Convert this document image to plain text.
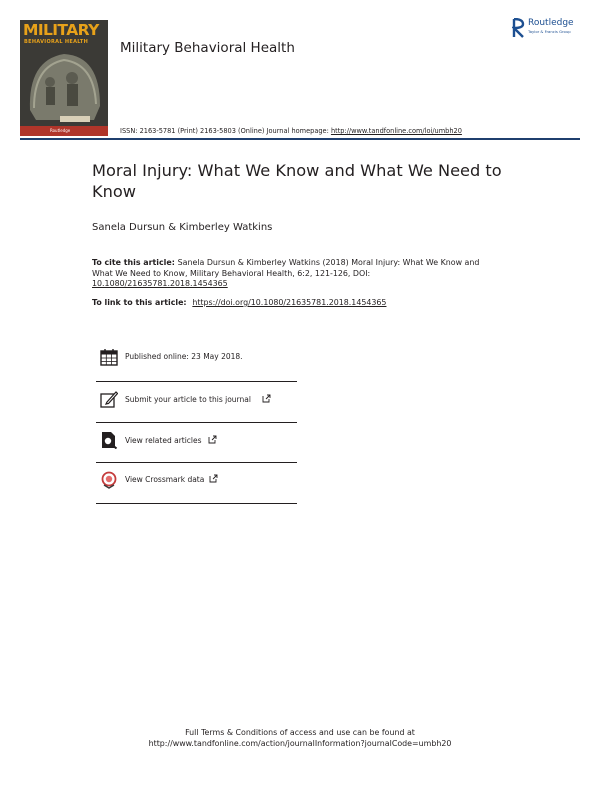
MILITARY
BEHAVIORAL HEALTH
Routledge
Military Behavioral Health
Routledge
Taylor & Francis Group
ISSN: 2163-5781 (Print) 2163-5803 (Online) Journal homepage: http://www.tandfonline.com/loi/umbh20
Moral Injury: What We Know and What We Need to Know
Sanela Dursun & Kimberley Watkins
To cite this article: Sanela Dursun & Kimberley Watkins (2018) Moral Injury: What We Know and What We Need to Know, Military Behavioral Health, 6:2, 121-126, DOI: 10.1080/21635781.2018.1454365
To link to this article: https://doi.org/10.1080/21635781.2018.1454365
Published online: 23 May 2018.
Submit your article to this journal
View related articles
View Crossmark data
Full Terms & Conditions of access and use can be found at
http://www.tandfonline.com/action/journalInformation?journalCode=umbh20
